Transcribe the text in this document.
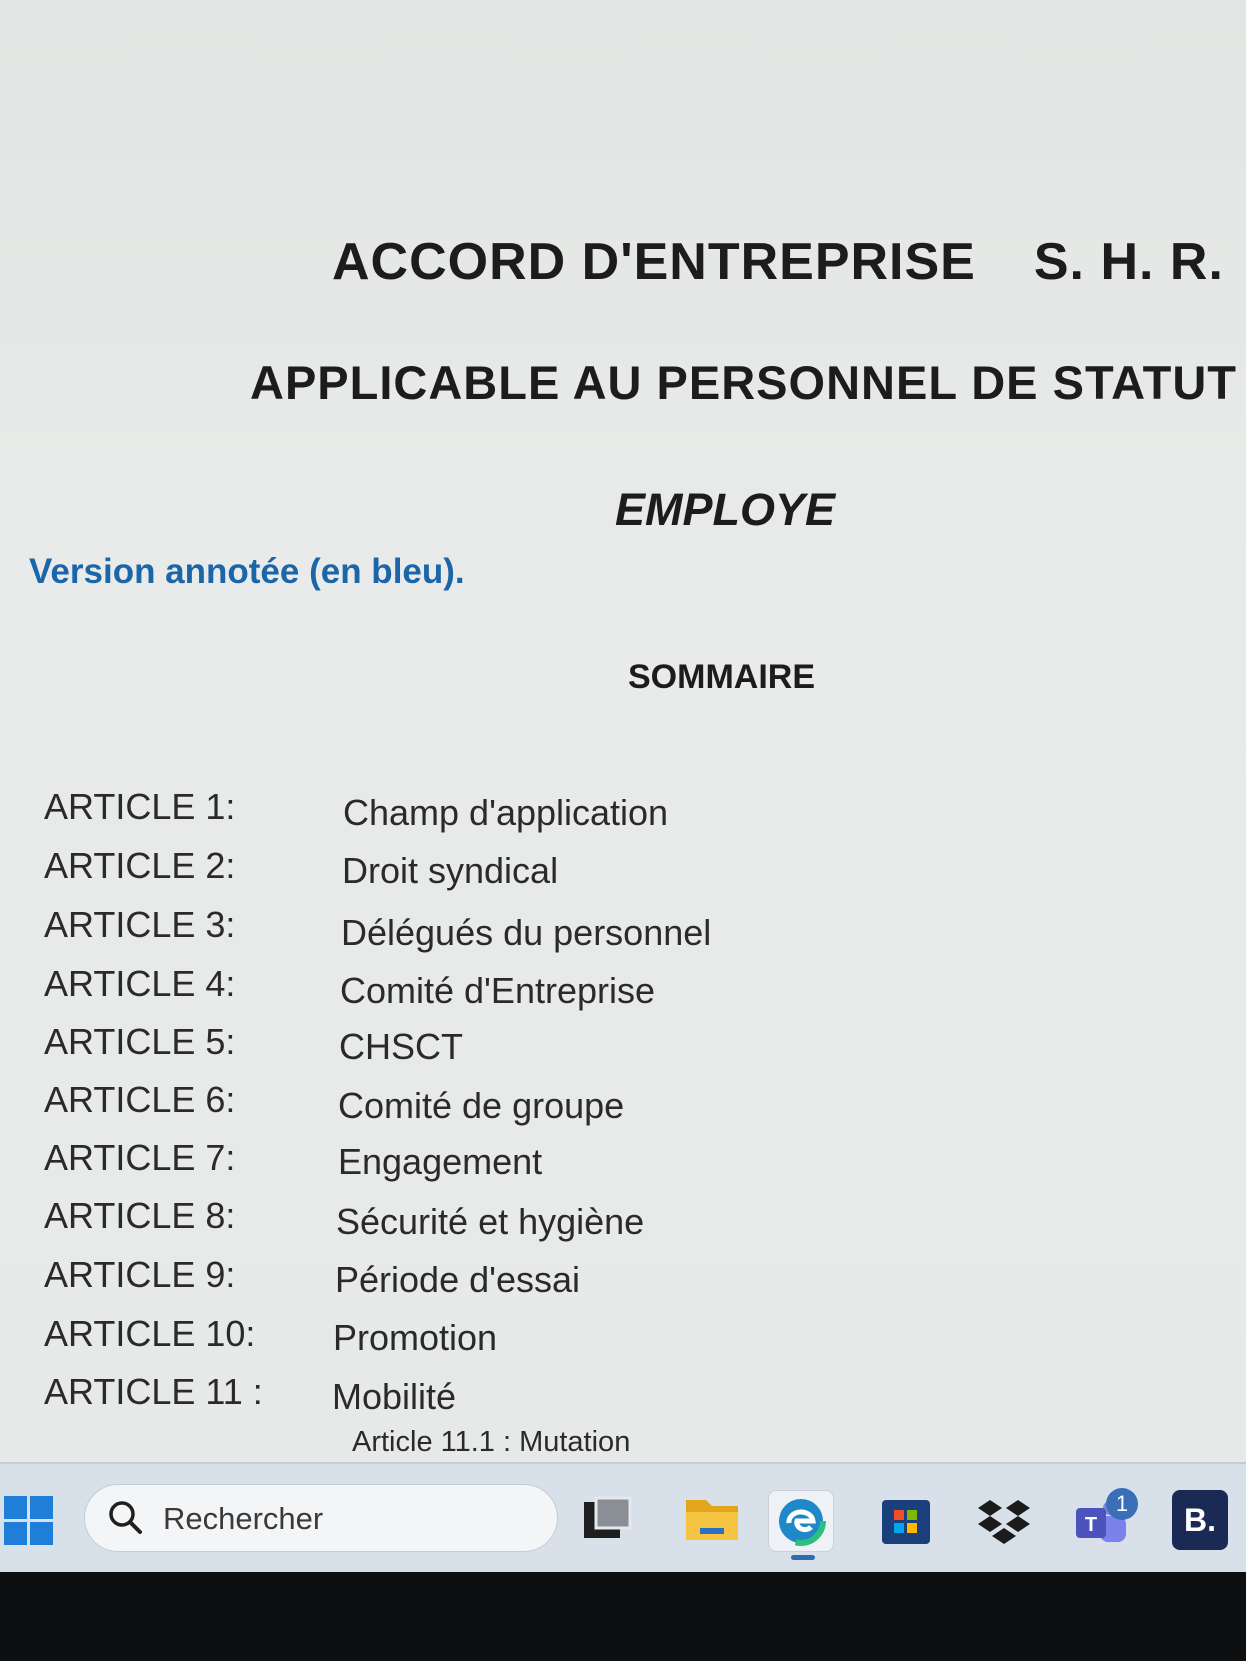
ACCORD D'ENTREPRISE S. H. R.
APPLICABLE AU PERSONNEL DE STATUT
EMPLOYE
Version annotée (en bleu).
SOMMAIRE
ARTICLE 1:	Champ d'application
ARTICLE 2:	Droit syndical
ARTICLE 3:	Délégués du personnel
ARTICLE 4:	Comité d'Entreprise
ARTICLE 5:	CHSCT
ARTICLE 6:	Comité de groupe
ARTICLE 7:	Engagement
ARTICLE 8:	Sécurité et hygiène
ARTICLE 9:	Période d'essai
ARTICLE 10: Promotion
ARTICLE 11 : Mobilité
Article 11.1 : Mutation
Rechercher	T
1	B.
